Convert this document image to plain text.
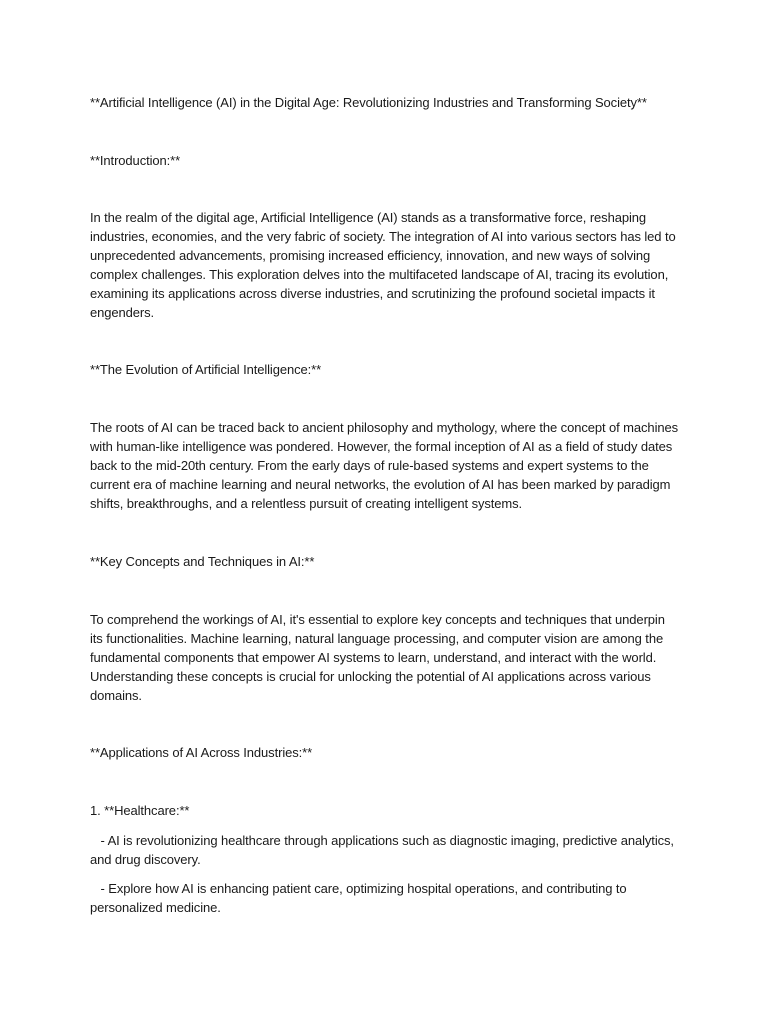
**Artificial Intelligence (AI) in the Digital Age: Revolutionizing Industries and Transforming Society**

**Introduction:**

In the realm of the digital age, Artificial Intelligence (AI) stands as a transformative force, reshaping industries, economies, and the very fabric of society. The integration of AI into various sectors has led to unprecedented advancements, promising increased efficiency, innovation, and new ways of solving complex challenges. This exploration delves into the multifaceted landscape of AI, tracing its evolution, examining its applications across diverse industries, and scrutinizing the profound societal impacts it engenders.

**The Evolution of Artificial Intelligence:**

The roots of AI can be traced back to ancient philosophy and mythology, where the concept of machines with human-like intelligence was pondered. However, the formal inception of AI as a field of study dates back to the mid-20th century. From the early days of rule-based systems and expert systems to the current era of machine learning and neural networks, the evolution of AI has been marked by paradigm shifts, breakthroughs, and a relentless pursuit of creating intelligent systems.

**Key Concepts and Techniques in AI:**

To comprehend the workings of AI, it's essential to explore key concepts and techniques that underpin its functionalities. Machine learning, natural language processing, and computer vision are among the fundamental components that empower AI systems to learn, understand, and interact with the world. Understanding these concepts is crucial for unlocking the potential of AI applications across various domains.

**Applications of AI Across Industries:**

1. **Healthcare:**

- AI is revolutionizing healthcare through applications such as diagnostic imaging, predictive analytics, and drug discovery.

- Explore how AI is enhancing patient care, optimizing hospital operations, and contributing to personalized medicine.
